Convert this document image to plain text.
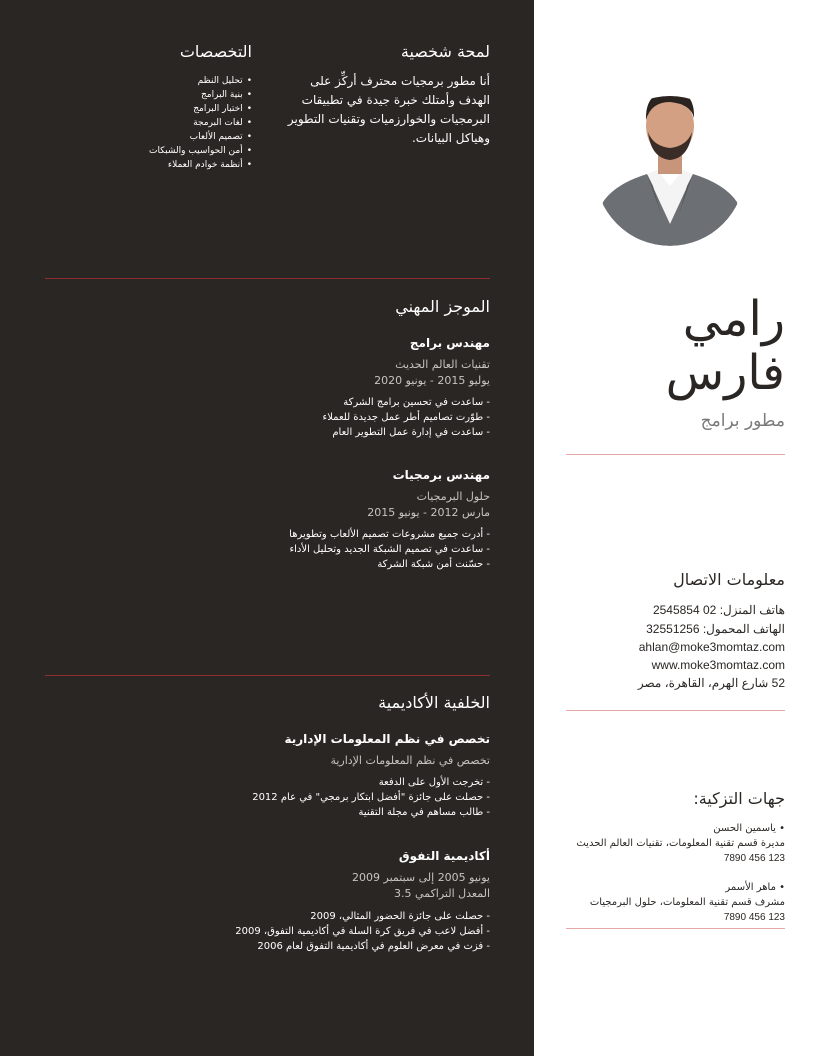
لمحة شخصية
أنا مطور برمجيات محترف أركِّز على الهدف وأمتلك خبرة جيدة في تطبيقات البرمجيات والخوارزميات وتقنيات التطوير وهياكل البيانات.
التخصصات
• تحليل النظم
• بنية البرامج
• اختبار البرامج
• لغات البرمجة
• تصميم الألعاب
• أمن الحواسيب والشبكات
• أنظمة خوادم العملاء
الموجز المهني
مهندس برامج
تقنيات العالم الحديث
يوليو 2015 - يونيو 2020
- ساعدت في تحسين برامج الشركة
- طوّرت تصاميم أطر عمل جديدة للعملاء
- ساعدت في إدارة عمل التطوير العام
مهندس برمجيات
حلول البرمجيات
مارس 2012 - يونيو 2015
- أدرت جميع مشروعات تصميم الألعاب وتطويرها
- ساعدت في تصميم الشبكة الجديد وتحليل الأداء
- حسّنت أمن شبكة الشركة
الخلفية الأكاديمية
تخصص في نظم المعلومات الإدارية
تخصص في نظم المعلومات الإدارية
- تخرجت الأول على الدفعة
- حصلت على جائزة "أفضل ابتكار برمجي" في عام 2012
- طالب مساهم في مجلة التقنية
أكاديمية التفوق
يونيو 2005 إلى سبتمبر 2009
المعدل التراكمي 3.5
- حصلت على جائزة الحضور المثالي، 2009
- أفضل لاعب في فريق كرة السلة في أكاديمية التفوق، 2009
- فزت في معرض العلوم في أكاديمية التفوق لعام 2006
رامي
فارس
مطور برامج
معلومات الاتصال
هاتف المنزل: 02 2545854
الهاتف المحمول: 32551256
ahlan@moke3momtaz.com
www.moke3momtaz.com
52 شارع الهرم، القاهرة، مصر
جهات التزكية:
• ياسمين الحسن
مديرة قسم تقنية المعلومات، تقنيات العالم الحديث
123 456 7890
• ماهر الأسمر
مشرف قسم تقنية المعلومات، حلول البرمجيات
123 456 7890
